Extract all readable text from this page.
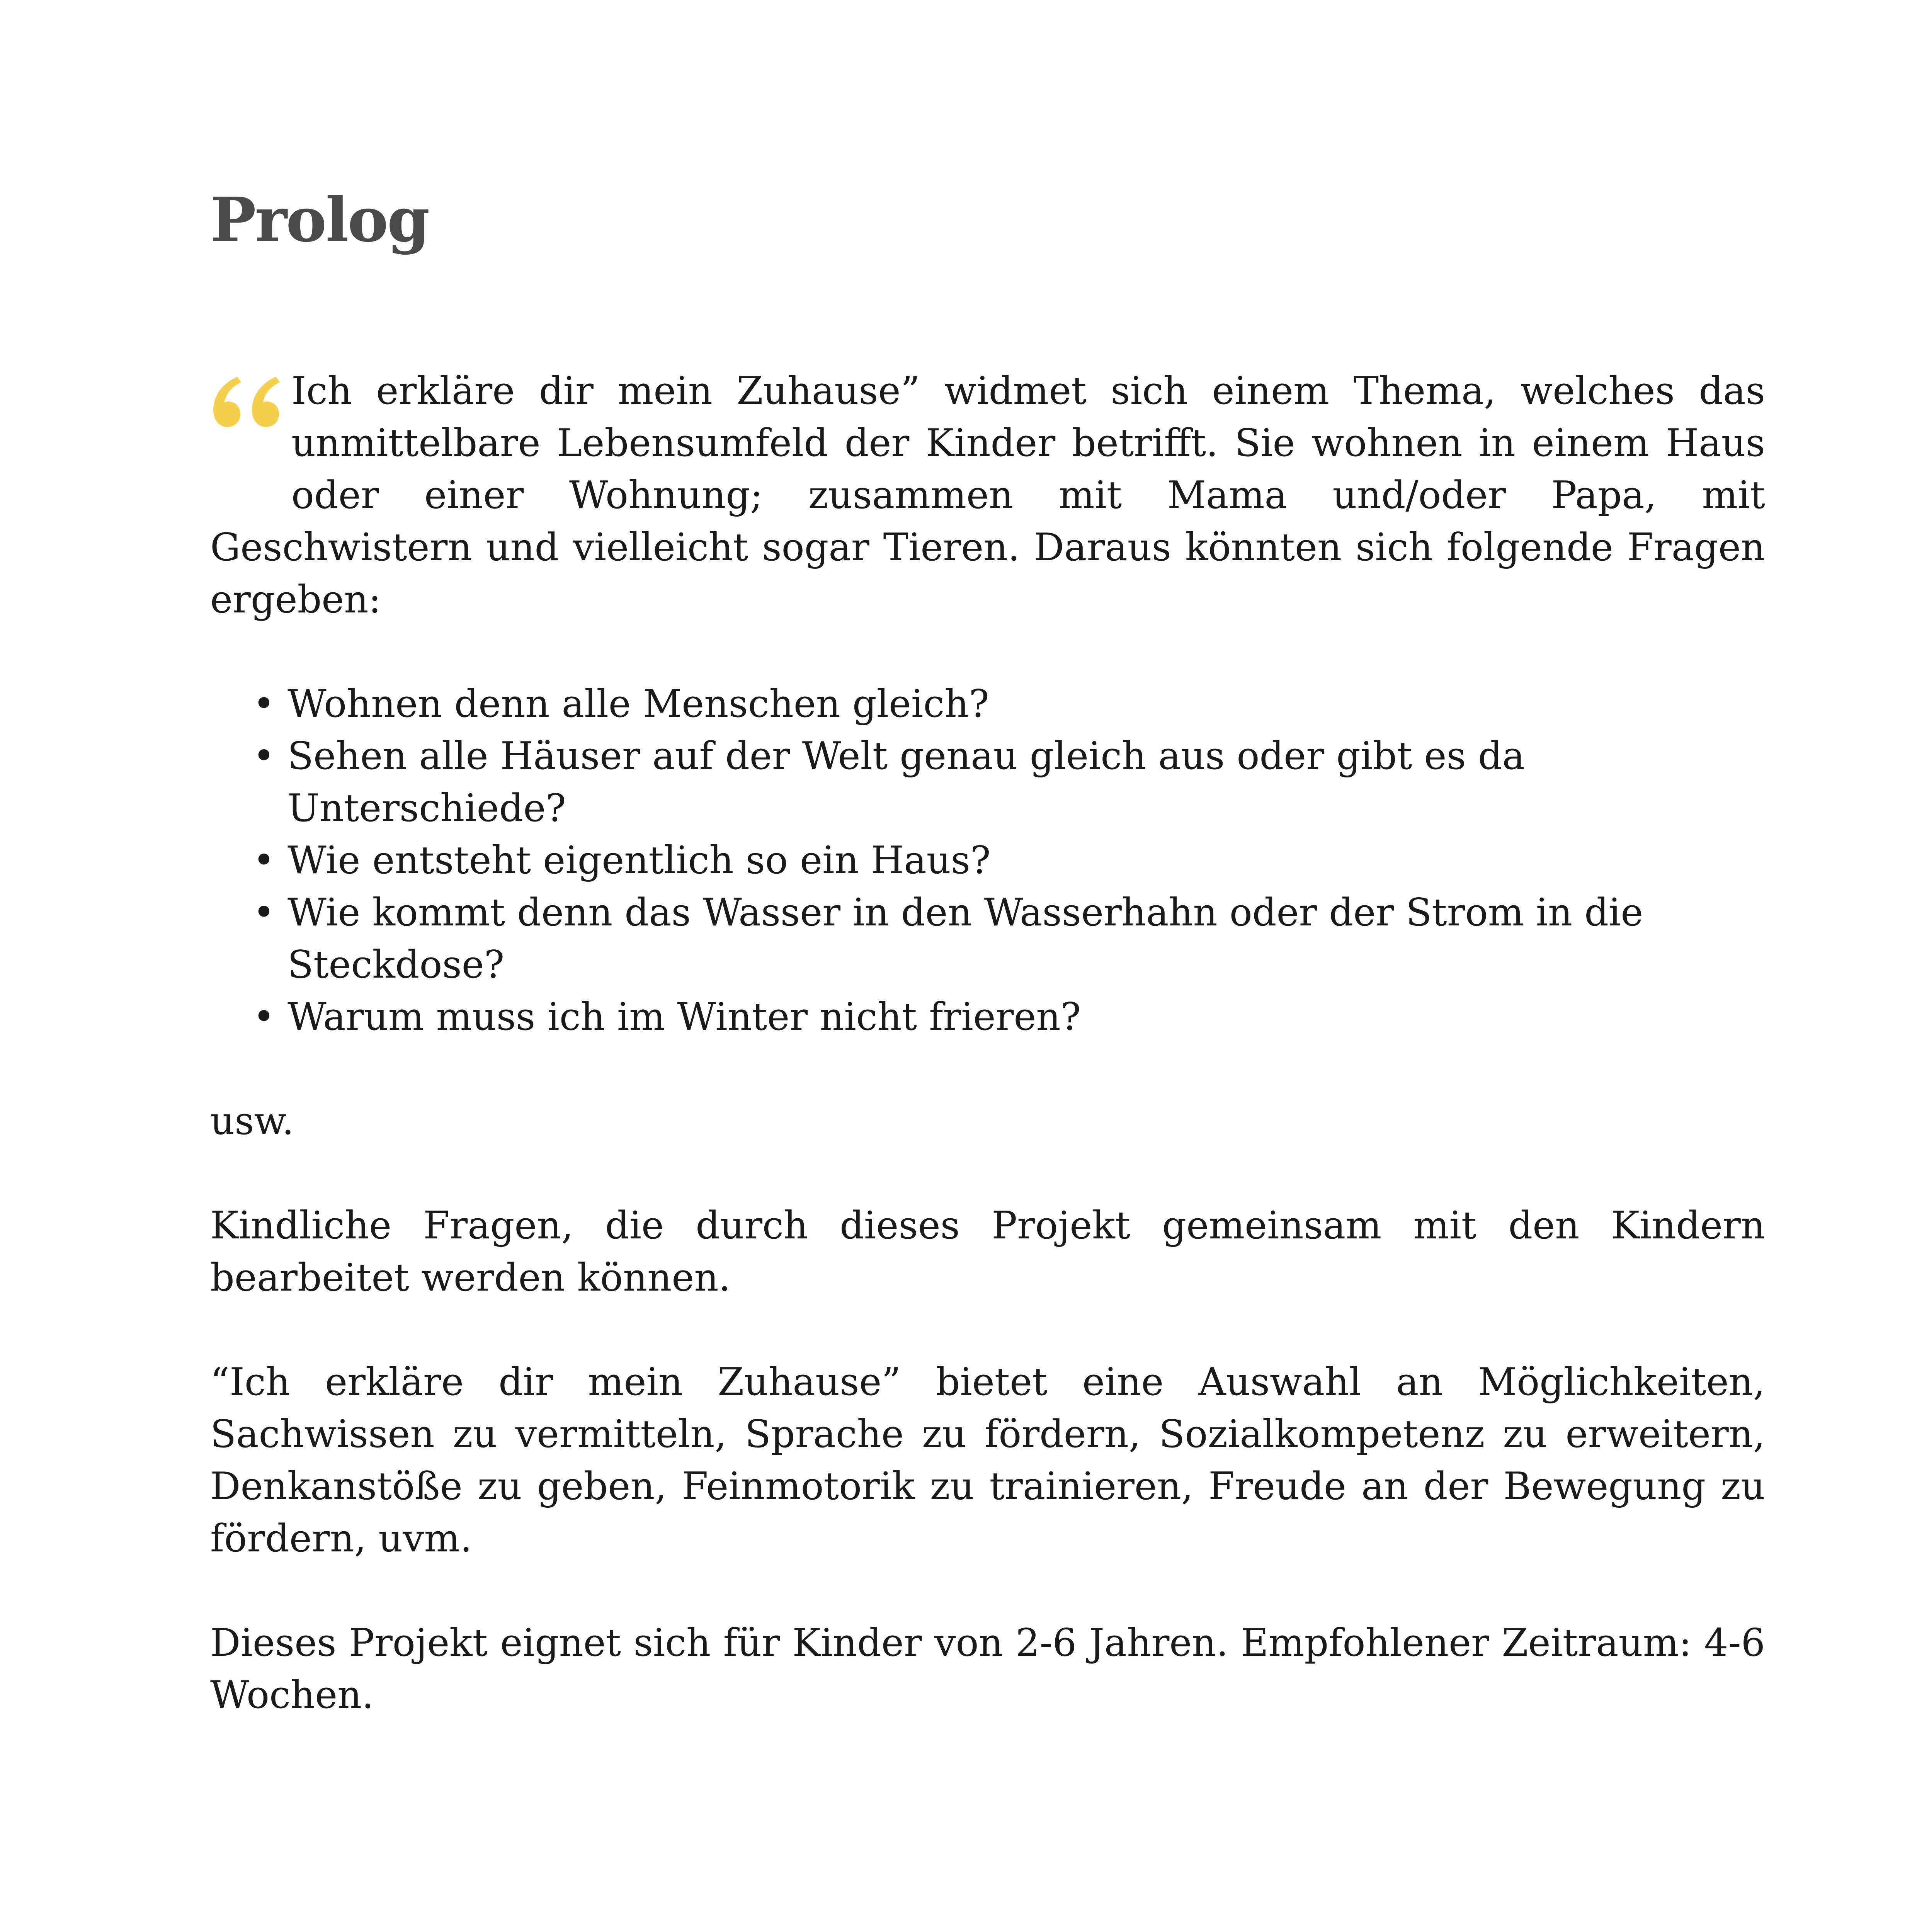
Prolog

Ich erkläre dir mein Zuhause” widmet sich einem Thema, welches das unmittelbare Lebensumfeld der Kinder betrifft. Sie wohnen in einem Haus oder einer Wohnung; zusammen mit Mama und/oder Papa, mit Geschwistern und vielleicht sogar Tieren. Daraus könnten sich folgende Fragen ergeben:

• Wohnen denn alle Menschen gleich?
• Sehen alle Häuser auf der Welt genau gleich aus oder gibt es da Unterschiede?
• Wie entsteht eigentlich so ein Haus?
• Wie kommt denn das Wasser in den Wasserhahn oder der Strom in die Steckdose?
• Warum muss ich im Winter nicht frieren?

usw.

Kindliche Fragen, die durch dieses Projekt gemeinsam mit den Kindern bearbeitet werden können.

“Ich erkläre dir mein Zuhause” bietet eine Auswahl an Möglichkeiten, Sachwissen zu vermitteln, Sprache zu fördern, Sozialkompetenz zu erweitern, Denkanstöße zu geben, Feinmotorik zu trainieren, Freude an der Bewegung zu fördern, uvm.

Dieses Projekt eignet sich für Kinder von 2-6 Jahren. Empfohlener Zeitraum: 4-6 Wochen.
